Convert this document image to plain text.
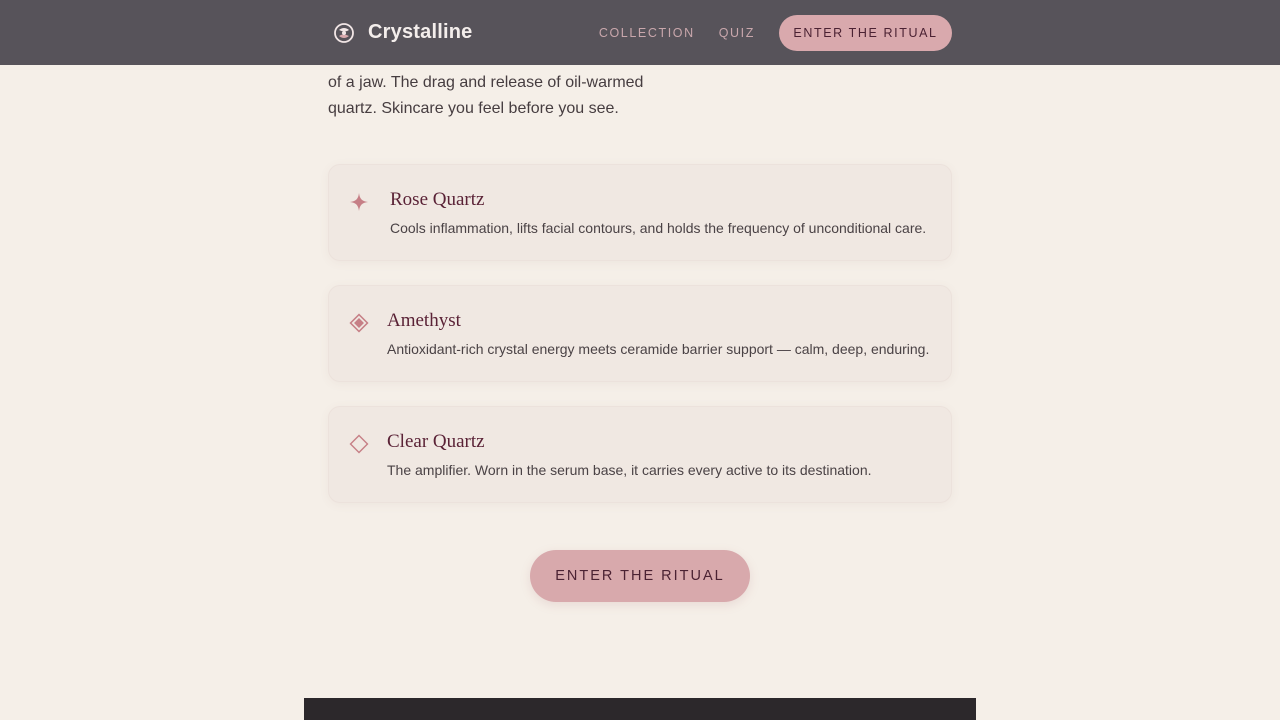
Crystalline	COLLECTION QUIZ	ENTER THE RITUAL

of a jaw. The drag and release of oil-warmed
quartz. Skincare you feel before you see.

Rose Quartz
Cools inflammation, lifts facial contours, and holds the frequency of unconditional care.
Amethyst
Antioxidant-rich crystal energy meets ceramide barrier support — calm, deep, enduring.
Clear Quartz
The amplifier. Worn in the serum base, it carries every active to its destination.
ENTER THE RITUAL
